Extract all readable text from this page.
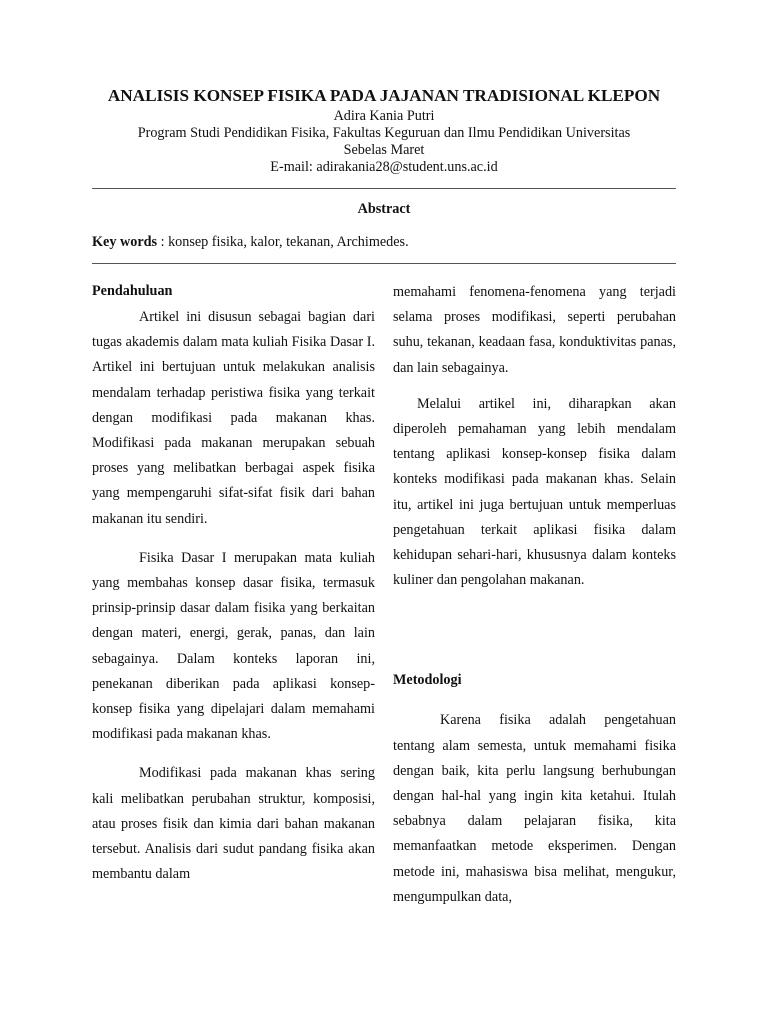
ANALISIS KONSEP FISIKA PADA JAJANAN TRADISIONAL KLEPON

Adira Kania Putri

Program Studi Pendidikan Fisika, Fakultas Keguruan dan Ilmu Pendidikan Universitas

Sebelas Maret

E-mail: adirakania28@student.uns.ac.id

Abstract
Key words : konsep fisika, kalor, tekanan, Archimedes.

Pendahuluan

Artikel ini disusun sebagai bagian dari tugas akademis dalam mata kuliah Fisika Dasar I. Artikel ini bertujuan untuk melakukan analisis mendalam terhadap peristiwa fisika yang terkait dengan modifikasi pada makanan khas. Modifikasi pada makanan merupakan sebuah proses yang melibatkan berbagai aspek fisika yang mempengaruhi sifat-sifat fisik dari bahan makanan itu sendiri.

Fisika Dasar I merupakan mata kuliah yang membahas konsep dasar fisika, termasuk prinsip-prinsip dasar dalam fisika yang berkaitan dengan materi, energi, gerak, panas, dan lain sebagainya. Dalam konteks laporan ini, penekanan diberikan pada aplikasi konsep-konsep fisika yang dipelajari dalam memahami modifikasi pada makanan khas.

Modifikasi pada makanan khas sering kali melibatkan perubahan struktur, komposisi, atau proses fisik dan kimia dari bahan makanan tersebut. Analisis dari sudut pandang fisika akan membantu dalam

memahami fenomena-fenomena yang terjadi selama proses modifikasi, seperti perubahan suhu, tekanan, keadaan fasa, konduktivitas panas, dan lain sebagainya.

Melalui artikel ini, diharapkan akan diperoleh pemahaman yang lebih mendalam tentang aplikasi konsep-konsep fisika dalam konteks modifikasi pada makanan khas. Selain itu, artikel ini juga bertujuan untuk memperluas pengetahuan terkait aplikasi fisika dalam kehidupan sehari-hari, khususnya dalam konteks kuliner dan pengolahan makanan.

Metodologi

Karena fisika adalah pengetahuan tentang alam semesta, untuk memahami fisika dengan baik, kita perlu langsung berhubungan dengan hal-hal yang ingin kita ketahui. Itulah sebabnya dalam pelajaran fisika, kita memanfaatkan metode eksperimen. Dengan metode ini, mahasiswa bisa melihat, mengukur, mengumpulkan data,
